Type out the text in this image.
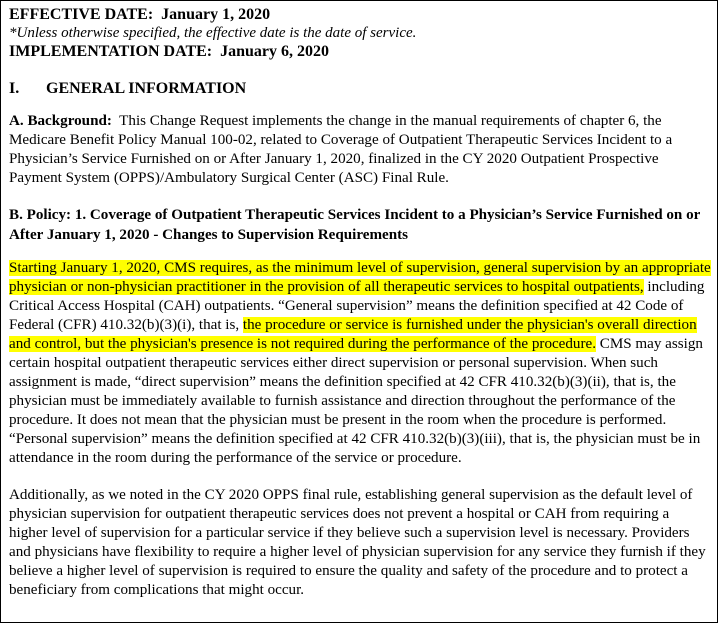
EFFECTIVE DATE: January 1, 2020
*Unless otherwise specified, the effective date is the date of service.
IMPLEMENTATION DATE: January 6, 2020
I. GENERAL INFORMATION
A. Background: This Change Request implements the change in the manual requirements of chapter 6, the Medicare Benefit Policy Manual 100-02, related to Coverage of Outpatient Therapeutic Services Incident to a Physician’s Service Furnished on or After January 1, 2020, finalized in the CY 2020 Outpatient Prospective Payment System (OPPS)/Ambulatory Surgical Center (ASC) Final Rule.
B. Policy: 1. Coverage of Outpatient Therapeutic Services Incident to a Physician’s Service Furnished on or After January 1, 2020 - Changes to Supervision Requirements
Starting January 1, 2020, CMS requires, as the minimum level of supervision, general supervision by an appropriate physician or non-physician practitioner in the provision of all therapeutic services to hospital outpatients, including Critical Access Hospital (CAH) outpatients. “General supervision” means the definition specified at 42 Code of Federal (CFR) 410.32(b)(3)(i), that is, the procedure or service is furnished under the physician's overall direction and control, but the physician's presence is not required during the performance of the procedure. CMS may assign certain hospital outpatient therapeutic services either direct supervision or personal supervision. When such assignment is made, “direct supervision” means the definition specified at 42 CFR 410.32(b)(3)(ii), that is, the physician must be immediately available to furnish assistance and direction throughout the performance of the procedure. It does not mean that the physician must be present in the room when the procedure is performed. “Personal supervision” means the definition specified at 42 CFR 410.32(b)(3)(iii), that is, the physician must be in attendance in the room during the performance of the service or procedure.
Additionally, as we noted in the CY 2020 OPPS final rule, establishing general supervision as the default level of physician supervision for outpatient therapeutic services does not prevent a hospital or CAH from requiring a higher level of supervision for a particular service if they believe such a supervision level is necessary. Providers and physicians have flexibility to require a higher level of physician supervision for any service they furnish if they believe a higher level of supervision is required to ensure the quality and safety of the procedure and to protect a beneficiary from complications that might occur.
